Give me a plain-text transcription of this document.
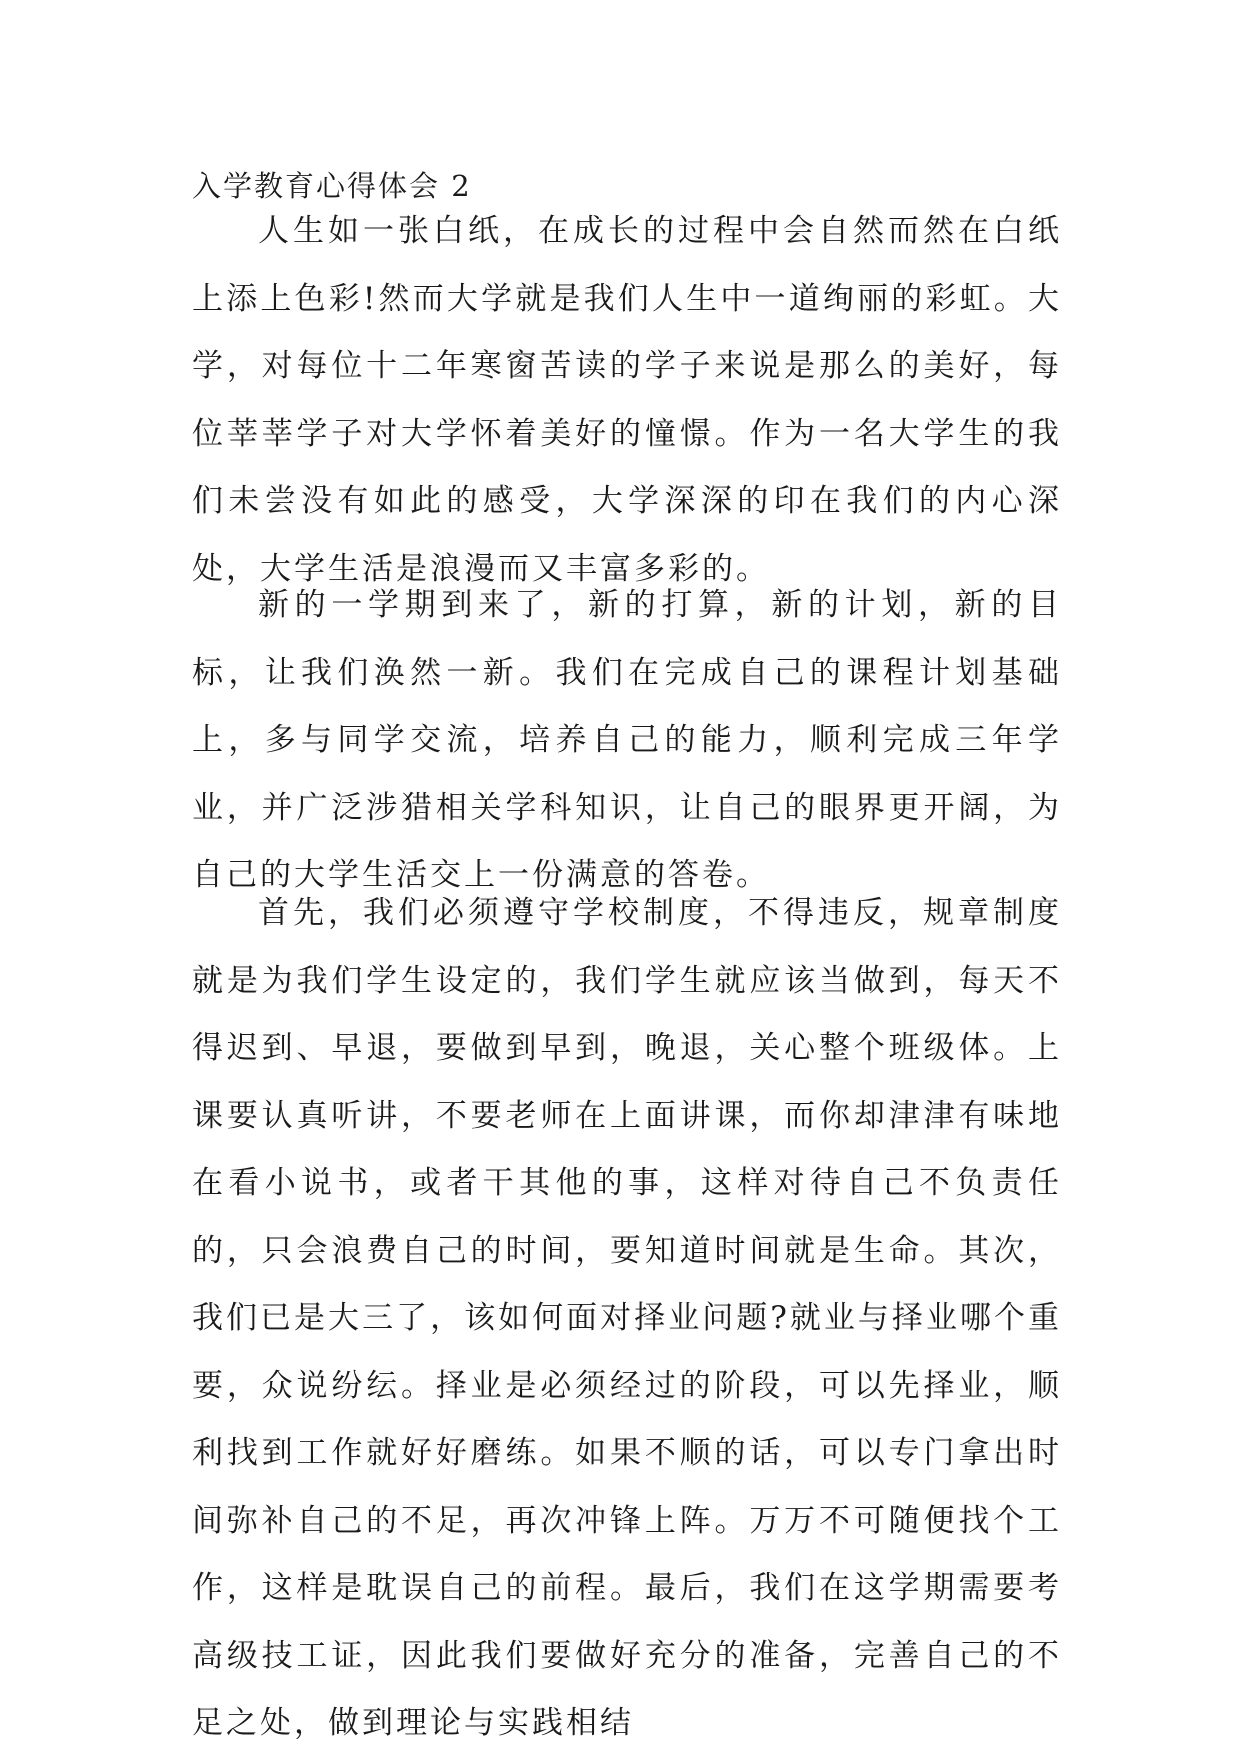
入学教育心得体会 2

人生如一张白纸，在成长的过程中会自然而然在白纸上添上色彩!然而大学就是我们人生中一道绚丽的彩虹。大学，对每位十二年寒窗苦读的学子来说是那么的美好，每位莘莘学子对大学怀着美好的憧憬。作为一名大学生的我们未尝没有如此的感受，大学深深的印在我们的内心深处，大学生活是浪漫而又丰富多彩的。

新的一学期到来了，新的打算，新的计划，新的目标，让我们涣然一新。我们在完成自己的课程计划基础上，多与同学交流，培养自己的能力，顺利完成三年学业，并广泛涉猎相关学科知识，让自己的眼界更开阔，为自己的大学生活交上一份满意的答卷。

首先，我们必须遵守学校制度，不得违反，规章制度就是为我们学生设定的，我们学生就应该当做到，每天不得迟到、早退，要做到早到，晚退，关心整个班级体。上课要认真听讲，不要老师在上面讲课，而你却津津有味地在看小说书，或者干其他的事，这样对待自己不负责任的，只会浪费自己的时间，要知道时间就是生命。其次，我们已是大三了，该如何面对择业问题?就业与择业哪个重要，众说纷纭。择业是必须经过的阶段，可以先择业，顺利找到工作就好好磨练。如果不顺的话，可以专门拿出时间弥补自己的不足，再次冲锋上阵。万万不可随便找个工作，这样是耽误自己的前程。最后，我们在这学期需要考高级技工证，因此我们要做好充分的准备，完善自己的不足之处，做到理论与实践相结
